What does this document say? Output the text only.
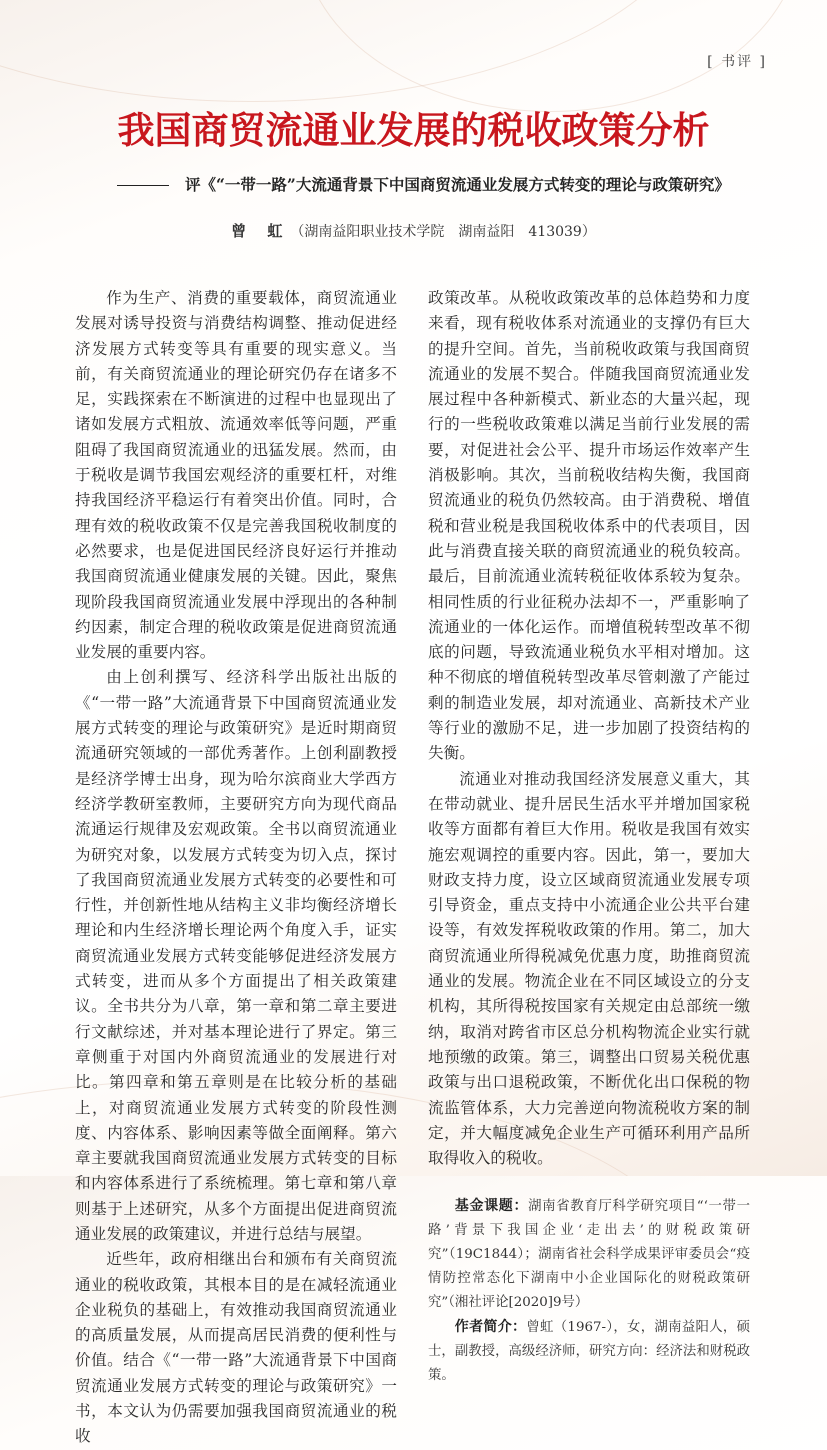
[ 书评 ]
我国商贸流通业发展的税收政策分析
评《“一带一路”大流通背景下中国商贸流通业发展方式转变的理论与政策研究》
曾 虹（湖南益阳职业技术学院　湖南益阳　413039）

作为生产、消费的重要载体，商贸流通业发展对诱导投资与消费结构调整、推动促进经济发展方式转变等具有重要的现实意义。当前，有关商贸流通业的理论研究仍存在诸多不足，实践探索在不断演进的过程中也显现出了诸如发展方式粗放、流通效率低等问题，严重阻碍了我国商贸流通业的迅猛发展。然而，由于税收是调节我国宏观经济的重要杠杆，对维持我国经济平稳运行有着突出价值。同时，合理有效的税收政策不仅是完善我国税收制度的必然要求，也是促进国民经济良好运行并推动我国商贸流通业健康发展的关键。因此，聚焦现阶段我国商贸流通业发展中浮现出的各种制约因素，制定合理的税收政策是促进商贸流通业发展的重要内容。

由上创利撰写、经济科学出版社出版的《“一带一路”大流通背景下中国商贸流通业发展方式转变的理论与政策研究》是近时期商贸流通研究领域的一部优秀著作。上创利副教授是经济学博士出身，现为哈尔滨商业大学西方经济学教研室教师，主要研究方向为现代商品流通运行规律及宏观政策。全书以商贸流通业为研究对象，以发展方式转变为切入点，探讨了我国商贸流通业发展方式转变的必要性和可行性，并创新性地从结构主义非均衡经济增长理论和内生经济增长理论两个角度入手，证实商贸流通业发展方式转变能够促进经济发展方式转变，进而从多个方面提出了相关政策建议。全书共分为八章，第一章和第二章主要进行文献综述，并对基本理论进行了界定。第三章侧重于对国内外商贸流通业的发展进行对比。第四章和第五章则是在比较分析的基础上，对商贸流通业发展方式转变的阶段性测度、内容体系、影响因素等做全面阐释。第六章主要就我国商贸流通业发展方式转变的目标和内容体系进行了系统梳理。第七章和第八章则基于上述研究，从多个方面提出促进商贸流通业发展的政策建议，并进行总结与展望。

近些年，政府相继出台和颁布有关商贸流通业的税收政策，其根本目的是在减轻流通业企业税负的基础上，有效推动我国商贸流通业的高质量发展，从而提高居民消费的便利性与价值。结合《“一带一路”大流通背景下中国商贸流通业发展方式转变的理论与政策研究》一书，本文认为仍需要加强我国商贸流通业的税收

政策改革。从税收政策改革的总体趋势和力度来看，现有税收体系对流通业的支撑仍有巨大的提升空间。首先，当前税收政策与我国商贸流通业的发展不契合。伴随我国商贸流通业发展过程中各种新模式、新业态的大量兴起，现行的一些税收政策难以满足当前行业发展的需要，对促进社会公平、提升市场运作效率产生消极影响。其次，当前税收结构失衡，我国商贸流通业的税负仍然较高。由于消费税、增值税和营业税是我国税收体系中的代表项目，因此与消费直接关联的商贸流通业的税负较高。最后，目前流通业流转税征收体系较为复杂。相同性质的行业征税办法却不一，严重影响了流通业的一体化运作。而增值税转型改革不彻底的问题，导致流通业税负水平相对增加。这种不彻底的增值税转型改革尽管刺激了产能过剩的制造业发展，却对流通业、高新技术产业等行业的激励不足，进一步加剧了投资结构的失衡。

流通业对推动我国经济发展意义重大，其在带动就业、提升居民生活水平并增加国家税收等方面都有着巨大作用。税收是我国有效实施宏观调控的重要内容。因此，第一，要加大财政支持力度，设立区域商贸流通业发展专项引导资金，重点支持中小流通企业公共平台建设等，有效发挥税收政策的作用。第二，加大商贸流通业所得税减免优惠力度，助推商贸流通业的发展。物流企业在不同区域设立的分支机构，其所得税按国家有关规定由总部统一缴纳，取消对跨省市区总分机构物流企业实行就地预缴的政策。第三，调整出口贸易关税优惠政策与出口退税政策，不断优化出口保税的物流监管体系，大力完善逆向物流税收方案的制定，并大幅度减免企业生产可循环利用产品所取得收入的税收。

基金课题：湖南省教育厅科学研究项目“‘一带一路’背景下我国企业‘走出去’的财税政策研究”（19C1844）；湖南省社会科学成果评审委员会“疫情防控常态化下湖南中小企业国际化的财税政策研究”（湘社评论[2020]9号）

作者简介：曾虹（1967-），女，湖南益阳人，硕士，副教授，高级经济师，研究方向：经济法和财税政策。
